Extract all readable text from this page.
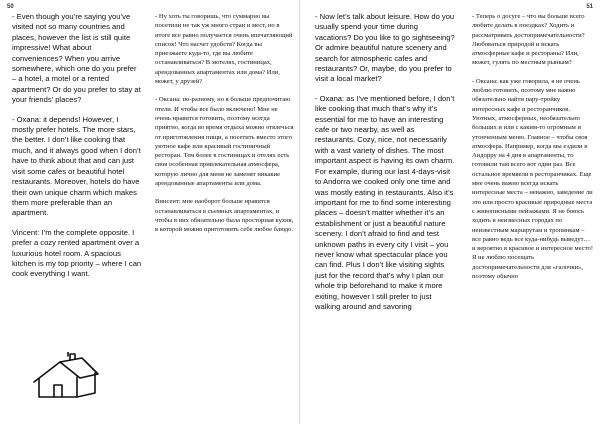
50

- Even though you’re saying you’ve visited not so many countries and places, however the list is still quite impressive! What about conveniences? When you arrive somewhere, which one do you prefer – a hotel, a motel or a rented apartment? Or do you prefer to stay at your friends’ places?

- Oxana: it depends! However, I mostly prefer hotels. The more stars, the better. I don’t like cooking that much, and it always good when I don’t have to think about that and can just visit some cafes or beautiful hotel restaurants. Moreover, hotels do have their own unique charm which makes them more preferable than an apartment.

Vincent: I’m the complete opposite. I prefer a cozy rented apartment over a luxurious hotel room. A spacious kitchen is my top priority – where I can cook everything I want.

- Ну хоть ты говоришь, что суммарно вы посетили не так уж много стран и мест, но в итоге все равно получается очень впечатляющий список! Что насчет удобств? Когда вы приезжаете куда-то, где вы любите останавливаться? В мотелях, гостиницах, арендованных апартаментах или дома? Или, может, у друзей?

- Оксана: по-разному, но я больше предпочитаю отели. И чтобы все было включено! Мне не очень нравится готовить, поэтому всегда приятно, когда во время отдыха можно отвлечься от приготовления пищи, а посетить вместо этого уютное кафе или красивый гостиничный ресторан. Тем более в гостиницах и отелях есть своя особенная привлекательная атмосфера, которую лично для меня не заменят никакие арендованные апартаменты или дома.

Винсент: мне наоборот больше нравится останавливаться в съемных апартаментах, и чтобы в них обязательно была просторная кухня, в которой можно приготовить себе любое блюдо.

51

- Now let’s talk about leisure. How do you usually spend your time during vacations? Do you like to go sightseeing? Or admire beautiful nature scenery and search for atmospheric cafes and restaurants? Or, maybe, do you prefer to visit a local market?

- Oxana: as I’ve mentioned before, I don’t like cooking that much that’s why it’s essential for me to have an interesting cafe or two nearby, as well as restaurants. Cozy, nice, not necessarily with a vast variety of dishes. The most important aspect is having its own charm. For example, during our last 4-days-visit to Andorra we cooked only one time and was mostly eating in restaurants. Also it’s important for me to find some interesting places – doesn’t matter whether it’s an establishment or just a beautiful nature scenery. I don’t afraid to find and test unknown paths in every city I visit – you never know what spectacular place you can find. Plus I don’t like visiting sights just for the record that’s why I plan our whole trip beforehand to make it more exiting, however I still prefer to just walking around and savoring

- Теперь о досуге – что вы больше всего любите делать в поездках? Ходить и рассматривать достопримечательности? Любоваться природой и искать атмосферные кафе и рестораны? Или, может, гулять по местным рынкам?

- Оксана: как уже говорила, я не очень люблю готовить, поэтому мне важно обязательно найти пару-тройку интересных кафе и ресторанчиков. Уютных, атмосферных, необязательно больших и или с каким-то огромным и утонченным меню. Главное – чтобы своя атмосфера. Например, когда мы ездили в Андорру на 4 дня в апартаменты, то готовили там всего вот один раз. Все остальное времяели в ресторанчиках. Еще мне очень важно всегда искать интересные места – неважно, заведение ли это или просто красивые природные места с живописными пейзажами. Я не боюсь ходить в неизвесных городах по неизвестным маршрутам и тропинкам – все равно ведь все куда-нибудь выведут… и вероятно в красивое и интересное место! Я не люблю посещать достопримечательности для «галочки», поэтому обычно
